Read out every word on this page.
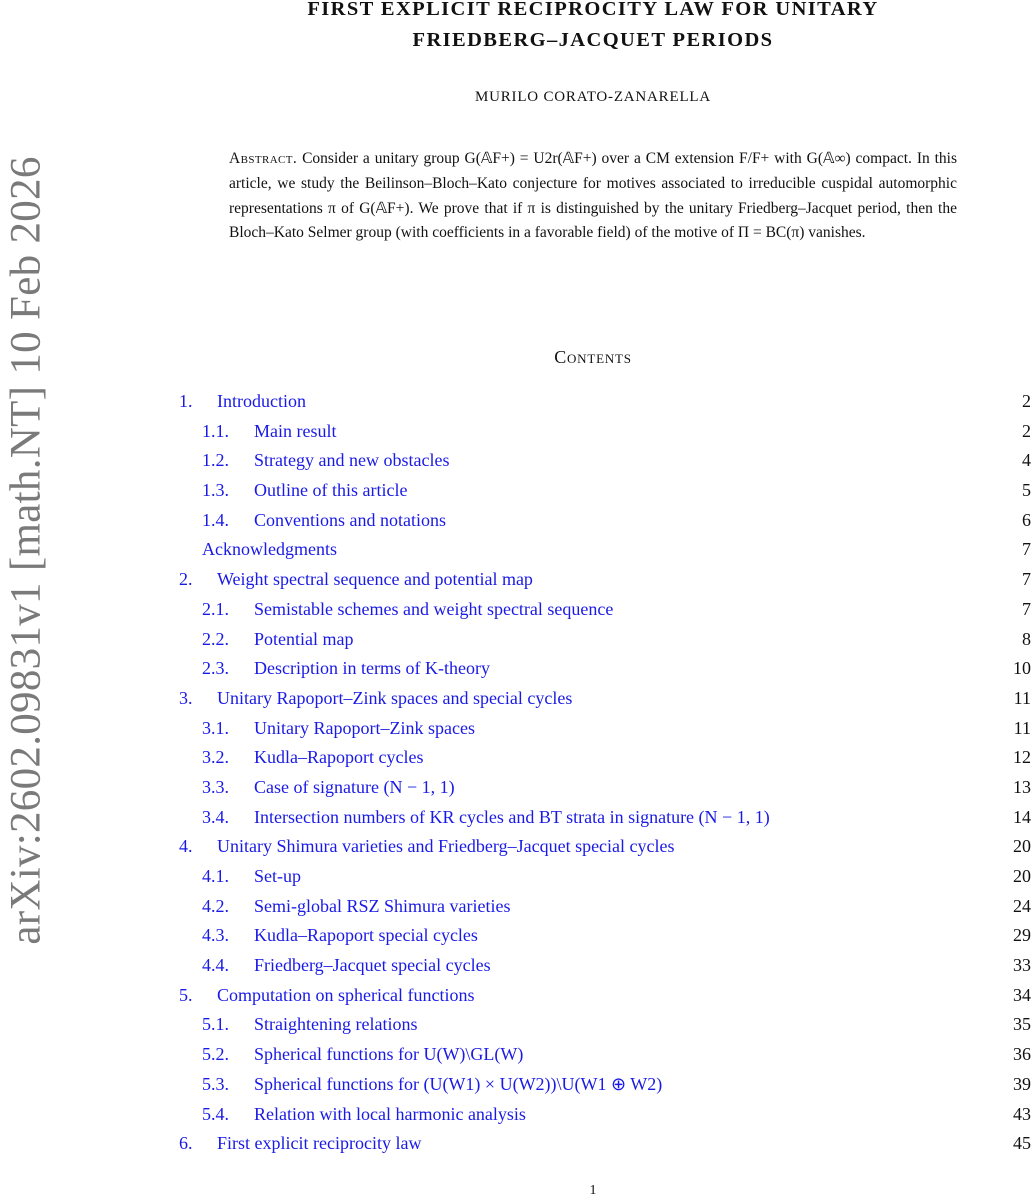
arXiv:2602.09831v1 [math.NT] 10 Feb 2026
FIRST EXPLICIT RECIPROCITY LAW FOR UNITARY
FRIEDBERG–JACQUET PERIODS
MURILO CORATO-ZANARELLA
Abstract. Consider a unitary group G(𝔸F+) = U2r(𝔸F+) over a CM extension F/F+ with G(𝔸∞) compact. In this article, we study the Beilinson–Bloch–Kato conjecture for motives associated to irreducible cuspidal automorphic representations π of G(𝔸F+). We prove that if π is distinguished by the unitary Friedberg–Jacquet period, then the Bloch–Kato Selmer group (with coefficients in a favorable field) of the motive of Π = BC(π) vanishes.
Contents
1. Introduction	2
1.1. Main result	2
1.2. Strategy and new obstacles	4
1.3. Outline of this article	5
1.4. Conventions and notations	6
Acknowledgments	7
2. Weight spectral sequence and potential map	7
2.1. Semistable schemes and weight spectral sequence	7
2.2. Potential map	8
2.3. Description in terms of K-theory	10
3. Unitary Rapoport–Zink spaces and special cycles	11
3.1. Unitary Rapoport–Zink spaces	11
3.2. Kudla–Rapoport cycles	12
3.3. Case of signature (N − 1, 1)	13
3.4. Intersection numbers of KR cycles and BT strata in signature (N − 1, 1)	14
4. Unitary Shimura varieties and Friedberg–Jacquet special cycles	20
4.1. Set-up	20
4.2. Semi-global RSZ Shimura varieties	24
4.3. Kudla–Rapoport special cycles	29
4.4. Friedberg–Jacquet special cycles	33
5. Computation on spherical functions	34
5.1. Straightening relations	35
5.2. Spherical functions for U(W)\GL(W)	36
5.3. Spherical functions for (U(W1) × U(W2))\U(W1 ⊕ W2)	39
5.4. Relation with local harmonic analysis	43
6. First explicit reciprocity law	45
1
